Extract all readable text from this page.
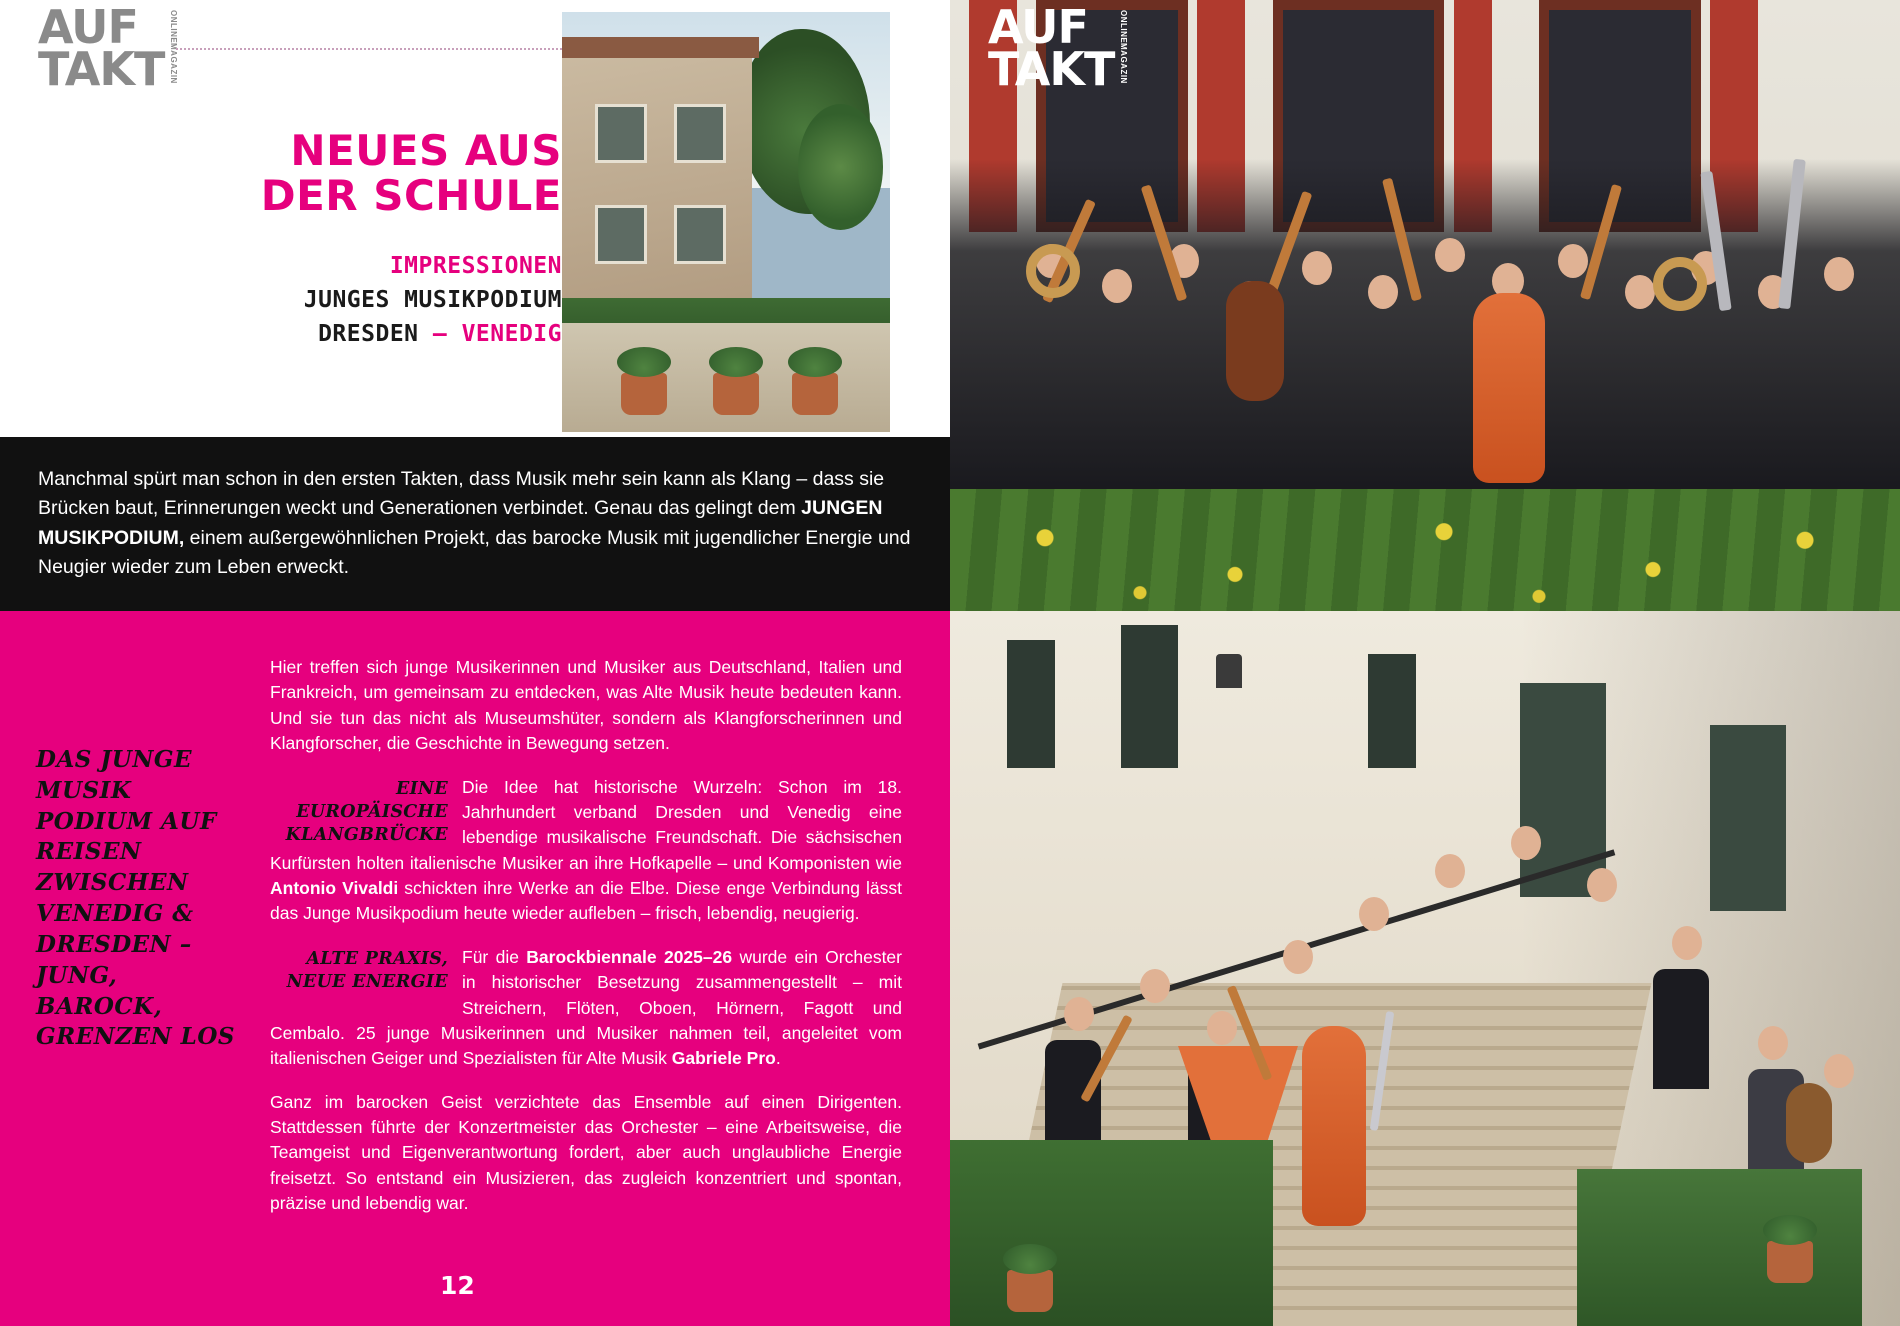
AUF
TAKT
ONLINE
MAGAZIN
NEUES AUS
DER SCHULE
IMPRESSIONEN
JUNGES MUSIKPODIUM
DRESDEN – VENEDIG
AUF
TAKT
ONLINE
MAGAZIN

Manchmal spürt man schon in den ersten Takten, dass Musik mehr sein kann als Klang – dass sie Brücken baut, Erinnerungen weckt und Generationen verbindet. Genau das gelingt dem JUNGEN MUSIKPODIUM, einem außergewöhnlichen Projekt, das barocke Musik mit jugendlicher Energie und Neugier wieder zum Leben erweckt.

DAS JUNGE MUSIK PODIUM AUF REISEN ZWISCHEN VENEDIG & DRESDEN – JUNG, BAROCK, GRENZEN LOS

Hier treffen sich junge Musikerinnen und Musiker aus Deutschland, Italien und Frankreich, um gemeinsam zu entdecken, was Alte Musik heute bedeuten kann. Und sie tun das nicht als Museumshüter, sondern als Klangforscherinnen und Klangforscher, die Geschichte in Bewegung setzen.

EINE EUROPÄISCHE KLANGBRÜCKE
Die Idee hat historische Wurzeln: Schon im 18. Jahrhundert verband Dresden und Venedig eine lebendige musikalische Freundschaft. Die sächsischen Kurfürsten holten italienische Musiker an ihre Hofkapelle – und Komponisten wie Antonio Vivaldi schickten ihre Werke an die Elbe. Diese enge Verbindung lässt das Junge Musikpodium heute wieder aufleben – frisch, lebendig, neugierig.

ALTE PRAXIS, NEUE ENERGIE
Für die Barockbiennale 2025–26 wurde ein Orchester in historischer Besetzung zusammengestellt – mit Streichern, Flöten, Oboen, Hörnern, Fagott und Cembalo. 25 junge Musikerinnen und Musiker nahmen teil, angeleitet vom italienischen Geiger und Spezialisten für Alte Musik Gabriele Pro.

Ganz im barocken Geist verzichtete das Ensemble auf einen Dirigenten. Stattdessen führte der Konzertmeister das Orchester – eine Arbeitsweise, die Teamgeist und Eigenverantwortung fordert, aber auch unglaubliche Energie freisetzt. So entstand ein Musizieren, das zugleich konzentriert und spontan, präzise und lebendig war.

12
